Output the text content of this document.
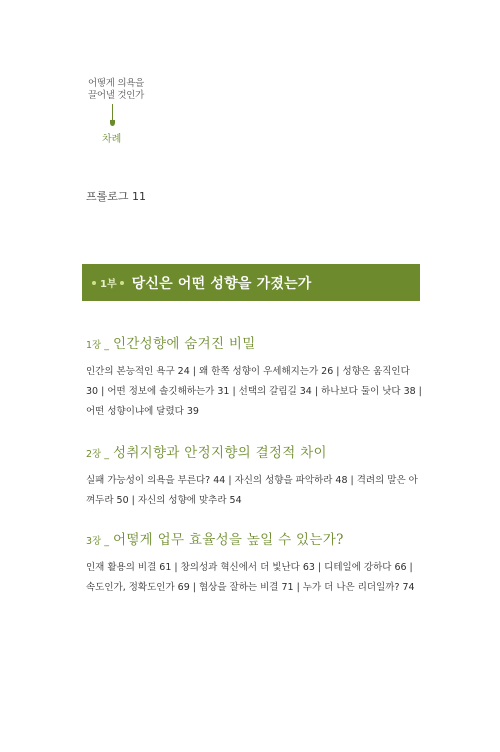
어떻게 의욕을
끌어낼 것인가
차례
프롤로그 11
1부 당신은 어떤 성향을 가졌는가
1장 _ 인간성향에 숨겨진 비밀

인간의 본능적인 욕구 24 | 왜 한쪽 성향이 우세해지는가 26 | 성향은 움직인다

30 | 어떤 정보에 솔깃해하는가 31 | 선택의 갈림길 34 | 하나보다 둘이 낫다 38 |

어떤 성향이냐에 달렸다 39

2장 _ 성취지향과 안정지향의 결정적 차이

실패 가능성이 의욕을 부른다? 44 | 자신의 성향을 파악하라 48 | 격려의 말은 아

껴두라 50 | 자신의 성향에 맞추라 54

3장 _ 어떻게 업무 효율성을 높일 수 있는가?

인재 활용의 비결 61 | 창의성과 혁신에서 더 빛난다 63 | 디테일에 강하다 66 |

속도인가, 정확도인가 69 | 협상을 잘하는 비결 71 | 누가 더 나은 리더일까? 74
